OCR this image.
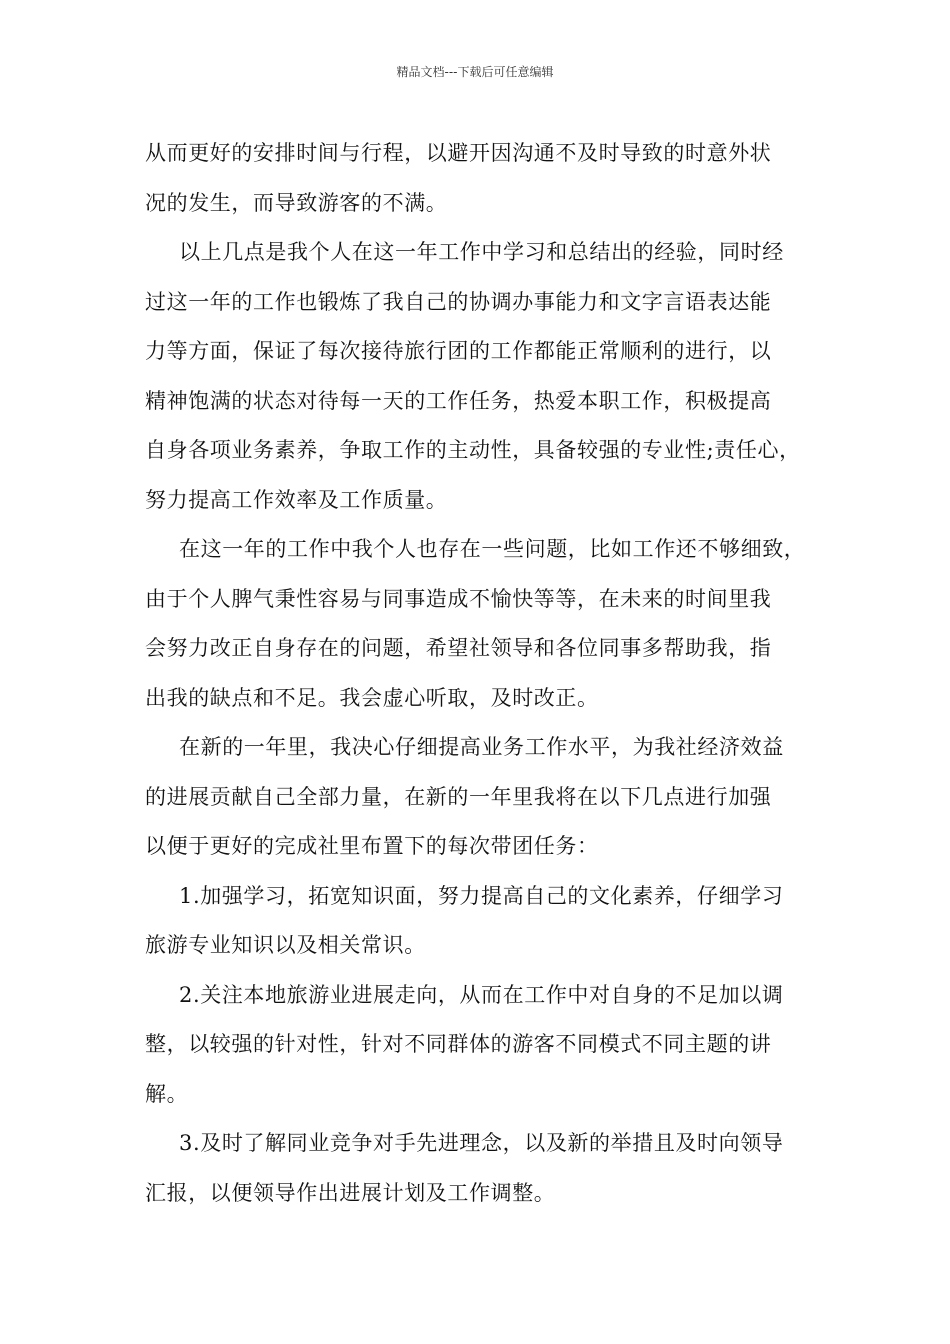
精品文档---下载后可任意编辑
从而更好的安排时间与行程，以避开因沟通不及时导致的时意外状
况的发生，而导致游客的不满。
以上几点是我个人在这一年工作中学习和总结出的经验，同时经
过这一年的工作也锻炼了我自己的协调办事能力和文字言语表达能
力等方面，保证了每次接待旅行团的工作都能正常顺利的进行，以
精神饱满的状态对待每一天的工作任务，热爱本职工作，积极提高
自身各项业务素养，争取工作的主动性，具备较强的专业性;责任心，
努力提高工作效率及工作质量。
在这一年的工作中我个人也存在一些问题，比如工作还不够细致，
由于个人脾气秉性容易与同事造成不愉快等等，在未来的时间里我
会努力改正自身存在的问题，希望社领导和各位同事多帮助我，指
出我的缺点和不足。我会虚心听取，及时改正。
在新的一年里，我决心仔细提高业务工作水平，为我社经济效益
的进展贡献自己全部力量，在新的一年里我将在以下几点进行加强
以便于更好的完成社里布置下的每次带团任务：
1.加强学习，拓宽知识面，努力提高自己的文化素养，仔细学习
旅游专业知识以及相关常识。
2.关注本地旅游业进展走向，从而在工作中对自身的不足加以调
整，以较强的针对性，针对不同群体的游客不同模式不同主题的讲
解。
3.及时了解同业竞争对手先进理念，以及新的举措且及时向领导
汇报，以便领导作出进展计划及工作调整。
